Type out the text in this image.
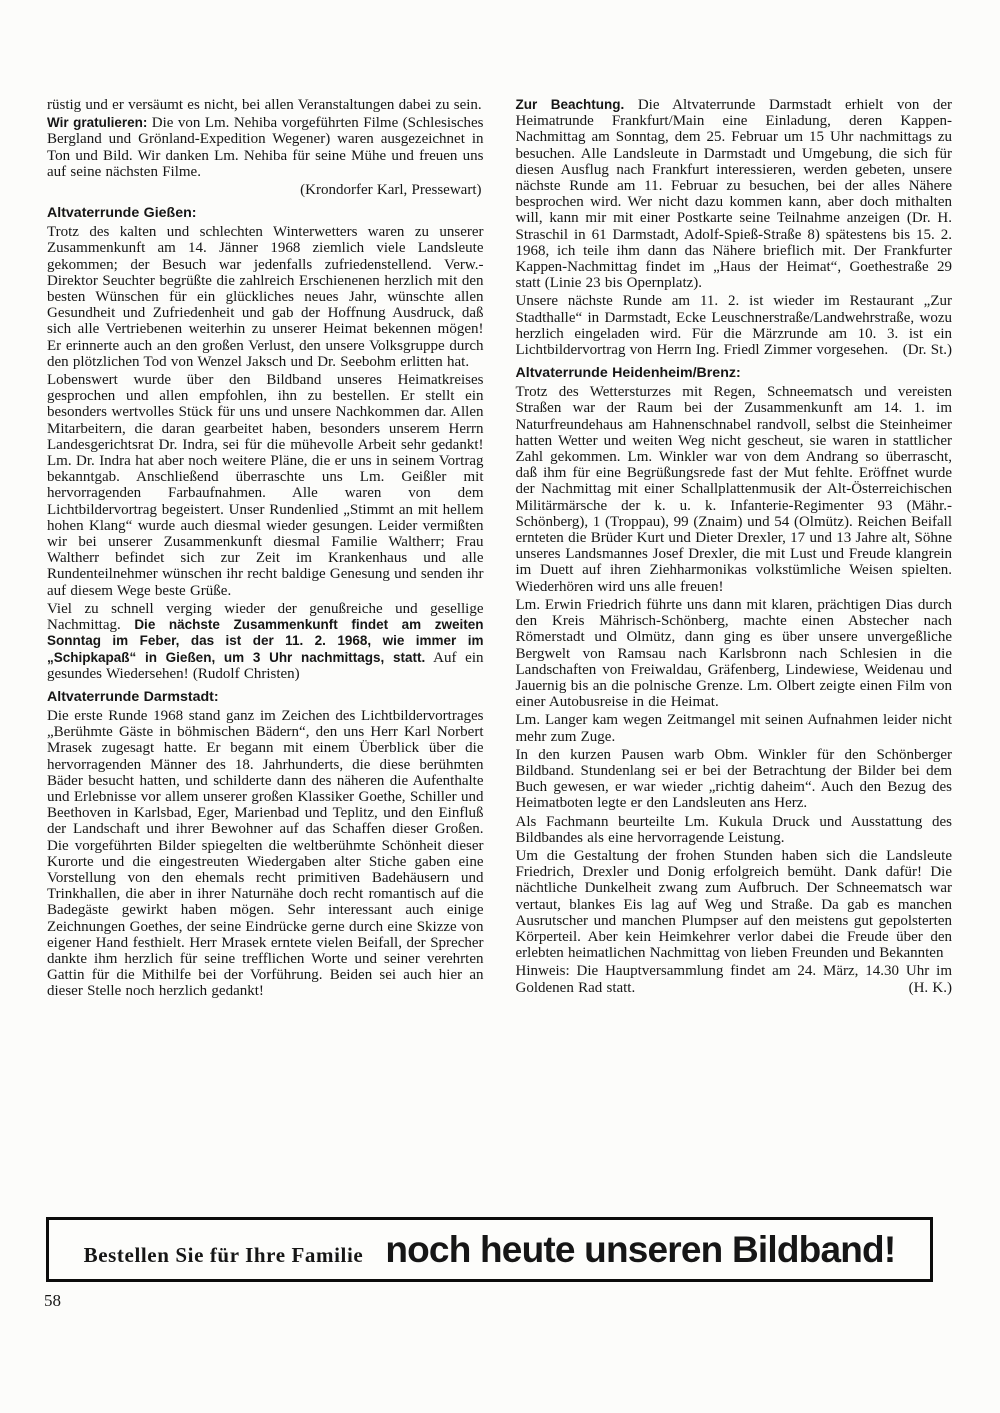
rüstig und er versäumt es nicht, bei allen Veranstaltungen dabei zu sein.

Wir gratulieren: Die von Lm. Nehiba vorgeführten Filme (Schlesisches Bergland und Grönland-Expedition Wegener) waren ausgezeichnet in Ton und Bild. Wir danken Lm. Nehiba für seine Mühe und freuen uns auf seine nächsten Filme.

(Krondorfer Karl, Pressewart)

Altvaterrunde Gießen:

Trotz des kalten und schlechten Winterwetters waren zu unserer Zusammenkunft am 14. Jänner 1968 ziemlich viele Landsleute gekommen; der Besuch war jedenfalls zufriedenstellend. Verw.-Direktor Seuchter begrüßte die zahlreich Erschienenen herzlich mit den besten Wünschen für ein glückliches neues Jahr, wünschte allen Gesundheit und Zufriedenheit und gab der Hoffnung Ausdruck, daß sich alle Vertriebenen weiterhin zu unserer Heimat bekennen mögen! Er erinnerte auch an den großen Verlust, den unsere Volksgruppe durch den plötzlichen Tod von Wenzel Jaksch und Dr. Seebohm erlitten hat.

Lobenswert wurde über den Bildband unseres Heimatkreises gesprochen und allen empfohlen, ihn zu bestellen. Er stellt ein besonders wertvolles Stück für uns und unsere Nachkommen dar. Allen Mitarbeitern, die daran gearbeitet haben, besonders unserem Herrn Landesgerichtsrat Dr. Indra, sei für die mühevolle Arbeit sehr gedankt! Lm. Dr. Indra hat aber noch weitere Pläne, die er uns in seinem Vortrag bekanntgab. Anschließend überraschte uns Lm. Geißler mit hervorragenden Farbaufnahmen. Alle waren von dem Lichtbildervortrag begeistert. Unser Rundenlied „Stimmt an mit hellem hohen Klang“ wurde auch diesmal wieder gesungen. Leider vermißten wir bei unserer Zusammenkunft diesmal Familie Waltherr; Frau Waltherr befindet sich zur Zeit im Krankenhaus und alle Rundenteilnehmer wünschen ihr recht baldige Genesung und senden ihr auf diesem Wege beste Grüße.

Viel zu schnell verging wieder der genußreiche und gesellige Nachmittag. Die nächste Zusammenkunft findet am zweiten Sonntag im Feber, das ist der 11. 2. 1968, wie immer im „Schipkapaß“ in Gießen, um 3 Uhr nachmittags, statt. Auf ein gesundes Wiedersehen! (Rudolf Christen)

Altvaterrunde Darmstadt:

Die erste Runde 1968 stand ganz im Zeichen des Lichtbildervortrages „Berühmte Gäste in böhmischen Bädern“, den uns Herr Karl Norbert Mrasek zugesagt hatte. Er begann mit einem Überblick über die hervorragenden Männer des 18. Jahrhunderts, die diese berühmten Bäder besucht hatten, und schilderte dann des näheren die Aufenthalte und Erlebnisse vor allem unserer großen Klassiker Goethe, Schiller und Beethoven in Karlsbad, Eger, Marienbad und Teplitz, und den Einfluß der Landschaft und ihrer Bewohner auf das Schaffen dieser Großen. Die vorgeführten Bilder spiegelten die weltberühmte Schönheit dieser Kurorte und die eingestreuten Wiedergaben alter Stiche gaben eine Vorstellung von den ehemals recht primitiven Badehäusern und Trinkhallen, die aber in ihrer Naturnähe doch recht romantisch auf die Badegäste gewirkt haben mögen. Sehr interessant auch einige Zeichnungen Goethes, der seine Eindrücke gerne durch eine Skizze von eigener Hand festhielt. Herr Mrasek erntete vielen Beifall, der Sprecher dankte ihm herzlich für seine trefflichen Worte und seiner verehrten Gattin für die Mithilfe bei der Vorführung. Beiden sei auch hier an dieser Stelle noch herzlich gedankt!

Zur Beachtung. Die Altvaterrunde Darmstadt erhielt von der Heimatrunde Frankfurt/Main eine Einladung, deren Kappen-Nachmittag am Sonntag, dem 25. Februar um 15 Uhr nachmittags zu besuchen. Alle Landsleute in Darmstadt und Umgebung, die sich für diesen Ausflug nach Frankfurt interessieren, werden gebeten, unsere nächste Runde am 11. Februar zu besuchen, bei der alles Nähere besprochen wird. Wer nicht dazu kommen kann, aber doch mithalten will, kann mir mit einer Postkarte seine Teilnahme anzeigen (Dr. H. Straschil in 61 Darmstadt, Adolf-Spieß-Straße 8) spätestens bis 15. 2. 1968, ich teile ihm dann das Nähere brieflich mit. Der Frankfurter Kappen-Nachmittag findet im „Haus der Heimat“, Goethestraße 29 statt (Linie 23 bis Opernplatz).

Unsere nächste Runde am 11. 2. ist wieder im Restaurant „Zur Stadthalle“ in Darmstadt, Ecke Leuschnerstraße/Landwehrstraße, wozu herzlich eingeladen wird. Für die Märzrunde am 10. 3. ist ein Lichtbildervortrag von Herrn Ing. Friedl Zimmer vorgesehen. (Dr. St.)

Altvaterrunde Heidenheim/Brenz:

Trotz des Wettersturzes mit Regen, Schneematsch und vereisten Straßen war der Raum bei der Zusammenkunft am 14. 1. im Naturfreundehaus am Hahnenschnabel randvoll, selbst die Steinheimer hatten Wetter und weiten Weg nicht gescheut, sie waren in stattlicher Zahl gekommen. Lm. Winkler war von dem Andrang so überrascht, daß ihm für eine Begrüßungsrede fast der Mut fehlte. Eröffnet wurde der Nachmittag mit einer Schallplattenmusik der Alt-Österreichischen Militärmärsche der k. u. k. Infanterie-Regimenter 93 (Mähr.-Schönberg), 1 (Troppau), 99 (Znaim) und 54 (Olmütz). Reichen Beifall ernteten die Brüder Kurt und Dieter Drexler, 17 und 13 Jahre alt, Söhne unseres Landsmannes Josef Drexler, die mit Lust und Freude klangrein im Duett auf ihren Ziehharmonikas volkstümliche Weisen spielten. Wiederhören wird uns alle freuen!

Lm. Erwin Friedrich führte uns dann mit klaren, prächtigen Dias durch den Kreis Mährisch-Schönberg, machte einen Abstecher nach Römerstadt und Olmütz, dann ging es über unsere unvergeßliche Bergwelt von Ramsau nach Karlsbronn nach Schlesien in die Landschaften von Freiwaldau, Gräfenberg, Lindewiese, Weidenau und Jauernig bis an die polnische Grenze. Lm. Olbert zeigte einen Film von einer Autobusreise in die Heimat.

Lm. Langer kam wegen Zeitmangel mit seinen Aufnahmen leider nicht mehr zum Zuge.

In den kurzen Pausen warb Obm. Winkler für den Schönberger Bildband. Stundenlang sei er bei der Betrachtung der Bilder bei dem Buch gewesen, er war wieder „richtig daheim“. Auch den Bezug des Heimatboten legte er den Landsleuten ans Herz.

Als Fachmann beurteilte Lm. Kukula Druck und Ausstattung des Bildbandes als eine hervorragende Leistung.

Um die Gestaltung der frohen Stunden haben sich die Landsleute Friedrich, Drexler und Donig erfolgreich bemüht. Dank dafür! Die nächtliche Dunkelheit zwang zum Aufbruch. Der Schneematsch war vertaut, blankes Eis lag auf Weg und Straße. Da gab es manchen Ausrutscher und manchen Plumpser auf den meistens gut gepolsterten Körperteil. Aber kein Heimkehrer verlor dabei die Freude über den erlebten heimatlichen Nachmittag von lieben Freunden und Bekannten

Hinweis: Die Hauptversammlung findet am 24. März, 14.30 Uhr im Goldenen Rad statt.	(H. K.)

Bestellen Sie für Ihre Familie noch heute unseren Bildband!
58
